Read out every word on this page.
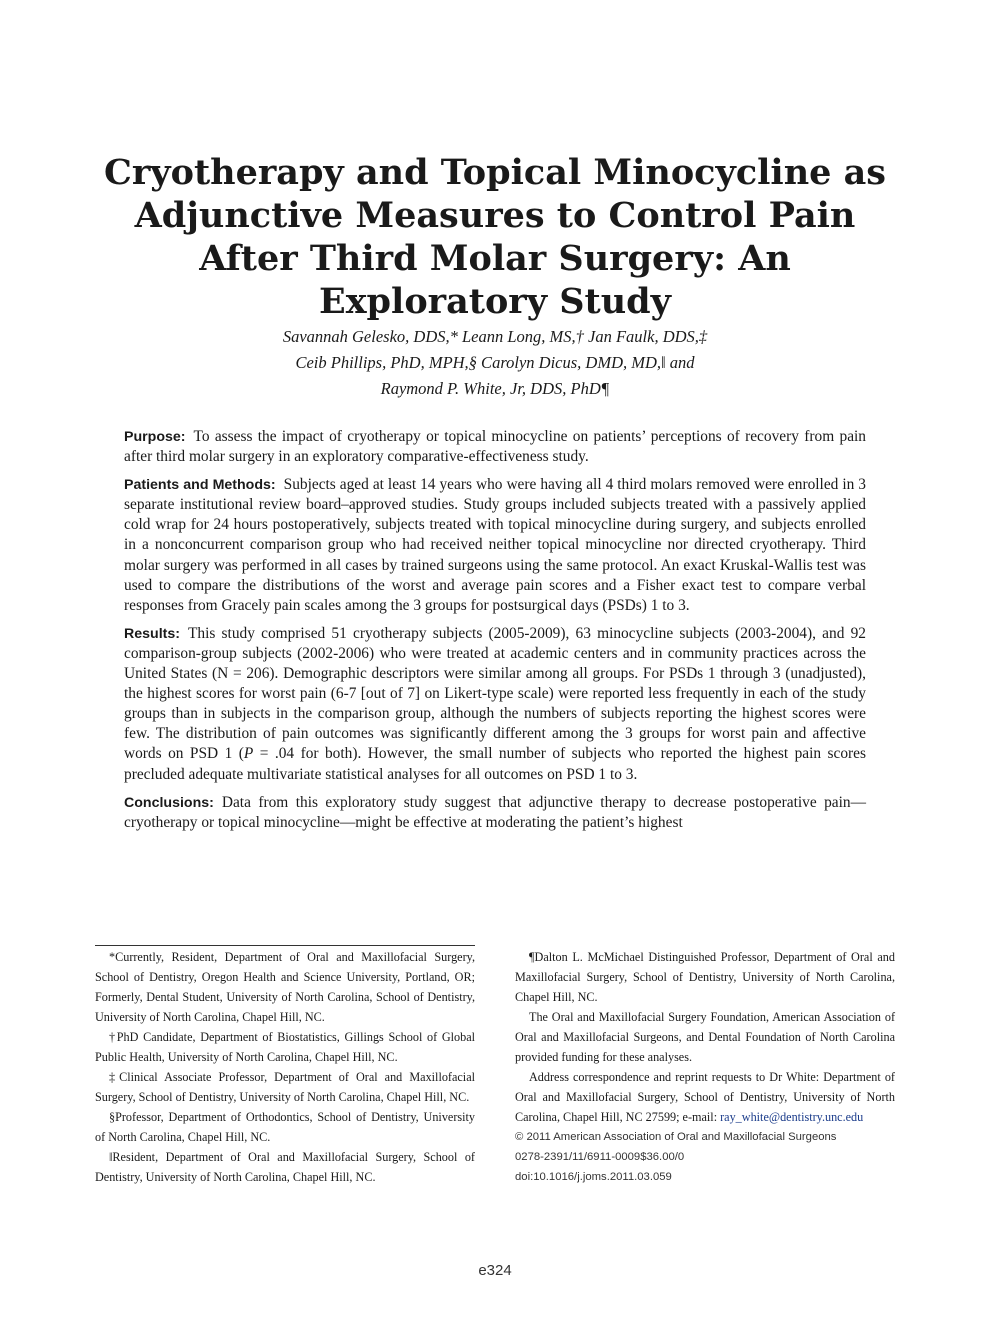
Cryotherapy and Topical Minocycline as
Adjunctive Measures to Control Pain
After Third Molar Surgery: An
Exploratory Study
Savannah Gelesko, DDS,* Leann Long, MS,† Jan Faulk, DDS,‡
Ceib Phillips, PhD, MPH,§ Carolyn Dicus, DMD, MD,‖ and
Raymond P. White, Jr, DDS, PhD¶

Purpose: To assess the impact of cryotherapy or topical minocycline on patients’ perceptions of recovery from pain after third molar surgery in an exploratory comparative-effectiveness study.

Patients and Methods: Subjects aged at least 14 years who were having all 4 third molars removed were enrolled in 3 separate institutional review board–approved studies. Study groups included subjects treated with a passively applied cold wrap for 24 hours postoperatively, subjects treated with topical minocycline during surgery, and subjects enrolled in a nonconcurrent comparison group who had received neither topical minocycline nor directed cryotherapy. Third molar surgery was performed in all cases by trained surgeons using the same protocol. An exact Kruskal-Wallis test was used to compare the distributions of the worst and average pain scores and a Fisher exact test to compare verbal responses from Gracely pain scales among the 3 groups for postsurgical days (PSDs) 1 to 3.

Results: This study comprised 51 cryotherapy subjects (2005-2009), 63 minocycline subjects (2003-2004), and 92 comparison-group subjects (2002-2006) who were treated at academic centers and in community practices across the United States (N = 206). Demographic descriptors were similar among all groups. For PSDs 1 through 3 (unadjusted), the highest scores for worst pain (6-7 [out of 7] on Likert-type scale) were reported less frequently in each of the study groups than in subjects in the comparison group, although the numbers of subjects reporting the highest scores were few. The distribution of pain outcomes was significantly different among the 3 groups for worst pain and affective words on PSD 1 (P = .04 for both). However, the small number of subjects who reported the highest pain scores precluded adequate multivariate statistical analyses for all outcomes on PSD 1 to 3.

Conclusions: Data from this exploratory study suggest that adjunctive therapy to decrease postoperative pain— cryotherapy or topical minocycline—might be effective at moderating the patient’s highest

*Currently, Resident, Department of Oral and Maxillofacial Surgery, School of Dentistry, Oregon Health and Science University, Portland, OR; Formerly, Dental Student, University of North Carolina, School of Dentistry, University of North Carolina, Chapel Hill, NC.

†PhD Candidate, Department of Biostatistics, Gillings School of Global Public Health, University of North Carolina, Chapel Hill, NC.

‡Clinical Associate Professor, Department of Oral and Maxillofacial Surgery, School of Dentistry, University of North Carolina, Chapel Hill, NC.

§Professor, Department of Orthodontics, School of Dentistry, University of North Carolina, Chapel Hill, NC.

‖Resident, Department of Oral and Maxillofacial Surgery, School of Dentistry, University of North Carolina, Chapel Hill, NC.

¶Dalton L. McMichael Distinguished Professor, Department of Oral and Maxillofacial Surgery, School of Dentistry, University of North Carolina, Chapel Hill, NC.

The Oral and Maxillofacial Surgery Foundation, American Association of Oral and Maxillofacial Surgeons, and Dental Foundation of North Carolina provided funding for these analyses.

Address correspondence and reprint requests to Dr White: Department of Oral and Maxillofacial Surgery, School of Dentistry, University of North Carolina, Chapel Hill, NC 27599; e-mail: ray_white@dentistry.unc.edu

© 2011 American Association of Oral and Maxillofacial Surgeons

0278-2391/11/6911-0009$36.00/0

doi:10.1016/j.joms.2011.03.059

e324
